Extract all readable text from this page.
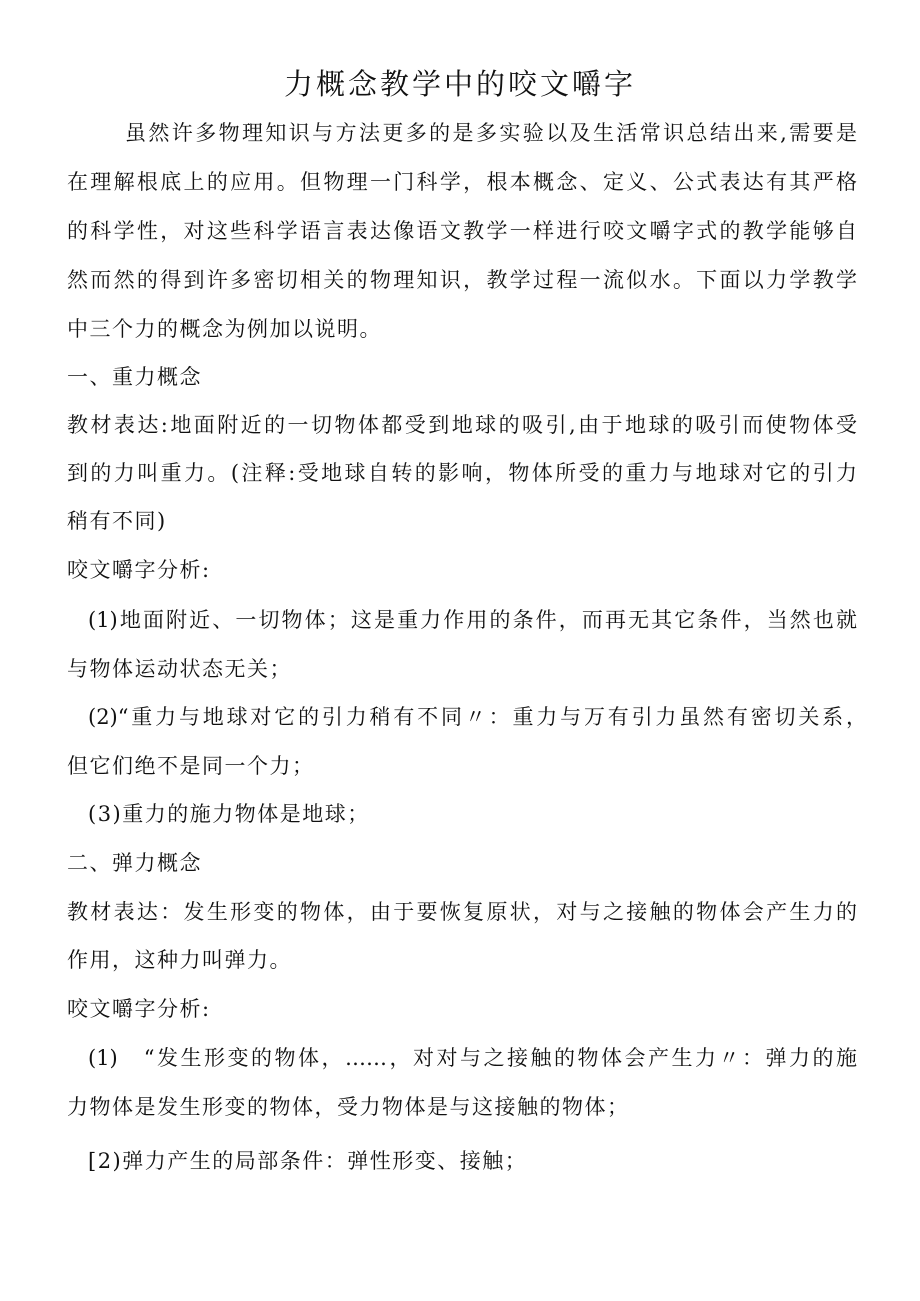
力概念教学中的咬文嚼字
虽然许多物理知识与方法更多的是多实验以及生活常识总结出来,需要是
在理解根底上的应用。但物理一门科学，根本概念、定义、公式表达有其严格
的科学性，对这些科学语言表达像语文教学一样进行咬文嚼字式的教学能够自
然而然的得到许多密切相关的物理知识，教学过程一流似水。下面以力学教学
中三个力的概念为例加以说明。
一、重力概念
教材表达:地面附近的一切物体都受到地球的吸引,由于地球的吸引而使物体受
到的力叫重力。(注释:受地球自转的影响，物体所受的重力与地球对它的引力
稍有不同)
咬文嚼字分析:
(1)地面附近、一切物体；这是重力作用的条件，而再无其它条件，当然也就
与物体运动状态无关；
(2)“重力与地球对它的引力稍有不同〃：重力与万有引力虽然有密切关系，
但它们绝不是同一个力；
(3)重力的施力物体是地球；
二、弹力概念
教材表达：发生形变的物体，由于要恢复原状，对与之接触的物体会产生力的
作用，这种力叫弹力。
咬文嚼字分析:
(1)　“发生形变的物体，……，对对与之接触的物体会产生力〃：弹力的施
力物体是发生形变的物体，受力物体是与这接触的物体；
[2)弹力产生的局部条件：弹性形变、接触；
